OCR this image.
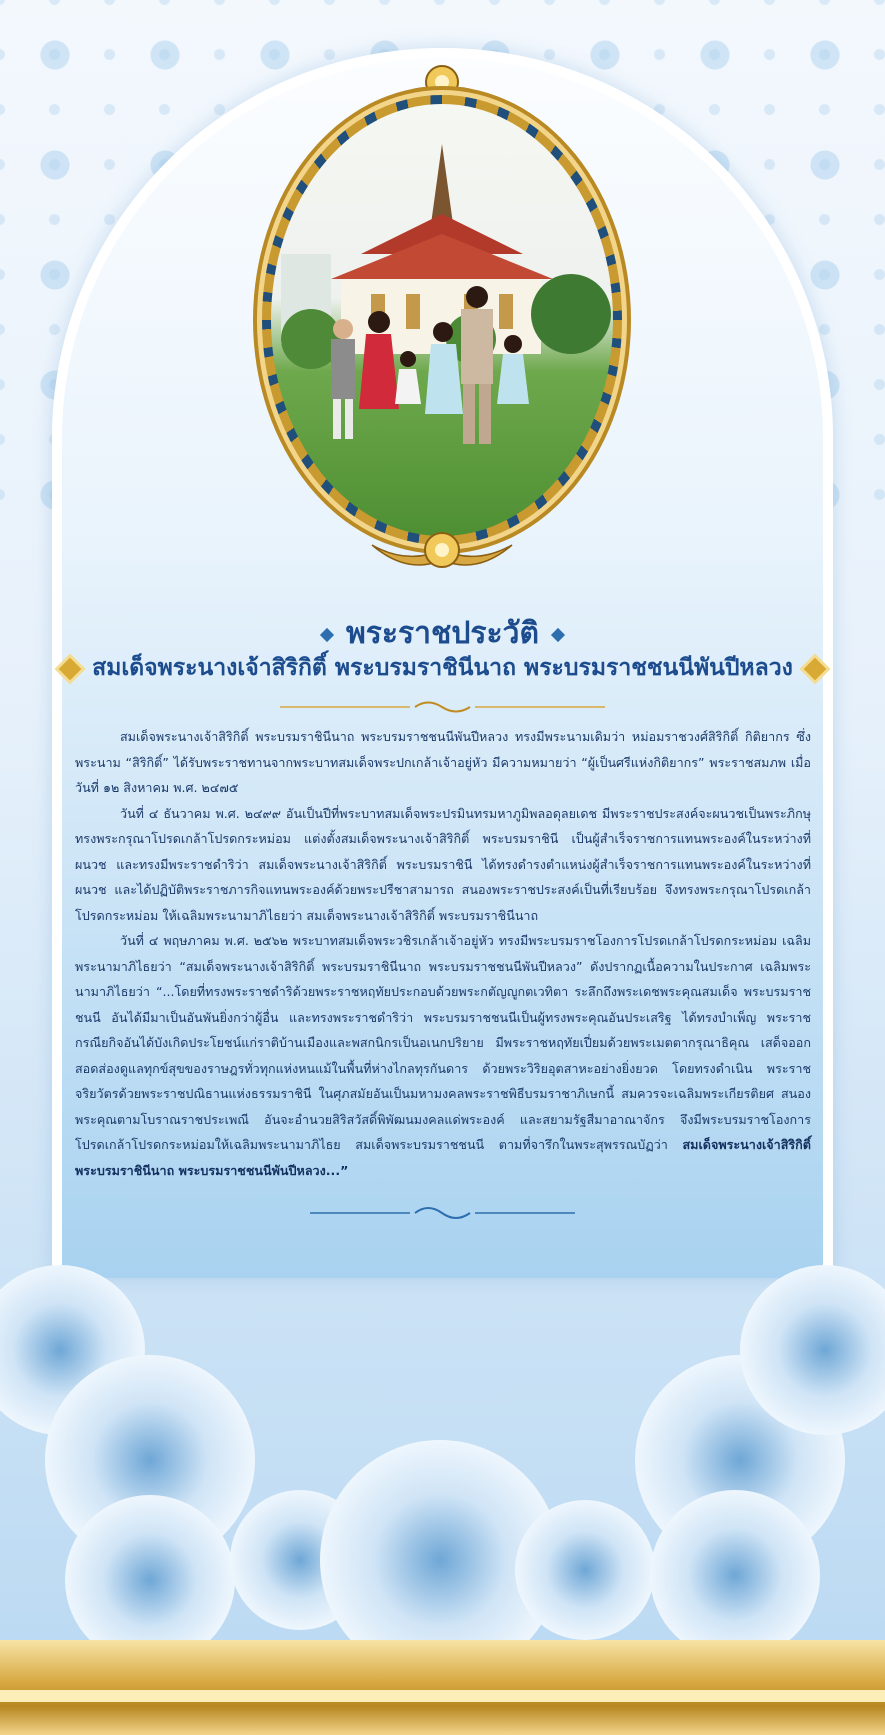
พระราชประวัติ
สมเด็จพระนางเจ้าสิริกิติ์ พระบรมราชินีนาถ พระบรมราชชนนีพันปีหลวง

สมเด็จพระนางเจ้าสิริกิติ์ พระบรมราชินีนาถ พระบรมราชชนนีพันปีหลวง ทรงมีพระนามเดิมว่า หม่อมราชวงศ์สิริกิติ์ กิติยากร ซึ่งพระนาม “สิริกิติ์” ได้รับพระราชทานจากพระบาทสมเด็จพระปกเกล้าเจ้าอยู่หัว มีความหมายว่า “ผู้เป็นศรีแห่งกิติยากร” พระราชสมภพ เมื่อวันที่ ๑๒ สิงหาคม พ.ศ. ๒๔๗๕

วันที่ ๔ ธันวาคม พ.ศ. ๒๔๙๙ อันเป็นปีที่พระบาทสมเด็จพระปรมินทรมหาภูมิพลอดุลยเดช มีพระราชประสงค์จะผนวชเป็นพระภิกษุ ทรงพระกรุณาโปรดเกล้าโปรดกระหม่อม แต่งตั้งสมเด็จพระนางเจ้าสิริกิติ์ พระบรมราชินี เป็นผู้สำเร็จราชการแทนพระองค์ในระหว่างที่ผนวช และทรงมีพระราชดำริว่า สมเด็จพระนางเจ้าสิริกิติ์ พระบรมราชินี ได้ทรงดำรงตำแหน่งผู้สำเร็จราชการแทนพระองค์ในระหว่างที่ผนวช และได้ปฏิบัติพระราชภารกิจแทนพระองค์ด้วยพระปรีชาสามารถ สนองพระราชประสงค์เป็นที่เรียบร้อย จึงทรงพระกรุณาโปรดเกล้าโปรดกระหม่อม ให้เฉลิมพระนามาภิไธยว่า สมเด็จพระนางเจ้าสิริกิติ์ พระบรมราชินีนาถ

วันที่ ๔ พฤษภาคม พ.ศ. ๒๕๖๒ พระบาทสมเด็จพระวชิรเกล้าเจ้าอยู่หัว ทรงมีพระบรมราชโองการโปรดเกล้าโปรดกระหม่อม เฉลิมพระนามาภิไธยว่า “สมเด็จพระนางเจ้าสิริกิติ์ พระบรมราชินีนาถ พระบรมราชชนนีพันปีหลวง” ดังปรากฏเนื้อความในประกาศ เฉลิมพระนามาภิไธยว่า “...โดยที่ทรงพระราชดำริด้วยพระราชหฤทัยประกอบด้วยพระกตัญญูกตเวทิตา ระลึกถึงพระเดชพระคุณสมเด็จ พระบรมราชชนนี อันได้มีมาเป็นอันพันยิ่งกว่าผู้อื่น และทรงพระราชดำริว่า พระบรมราชชนนีเป็นผู้ทรงพระคุณอันประเสริฐ ได้ทรงบำเพ็ญ พระราชกรณียกิจอันได้บังเกิดประโยชน์แก่ราติบ้านเมืองและพสกนิกรเป็นอเนกปริยาย มีพระราชหฤทัยเปี่ยมด้วยพระเมตตากรุณาธิคุณ เสด็จออกสอดส่องดูแลทุกข์สุขของราษฎรทั่วทุกแห่งหนแม้ในพื้นที่ห่างไกลทุรกันดาร ด้วยพระวิริยอุตสาหะอย่างยิ่งยวด โดยทรงดำเนิน พระราชจริยวัตรด้วยพระราชปณิธานแห่งธรรมราชินี ในศุภสมัยอันเป็นมหามงคลพระราชพิธีบรมราชาภิเษกนี้ สมควรจะเฉลิมพระเกียรติยศ สนองพระคุณตามโบราณราชประเพณี อันจะอำนวยสิริสวัสดิ์พิพัฒนมงคลแด่พระองค์ และสยามรัฐสีมาอาณาจักร จึงมีพระบรมราชโองการ โปรดเกล้าโปรดกระหม่อมให้เฉลิมพระนามาภิไธย สมเด็จพระบรมราชชนนี ตามที่จารึกในพระสุพรรณบัฏว่า สมเด็จพระนางเจ้าสิริกิติ์ พระบรมราชินีนาถ พระบรมราชชนนีพันปีหลวง...”
